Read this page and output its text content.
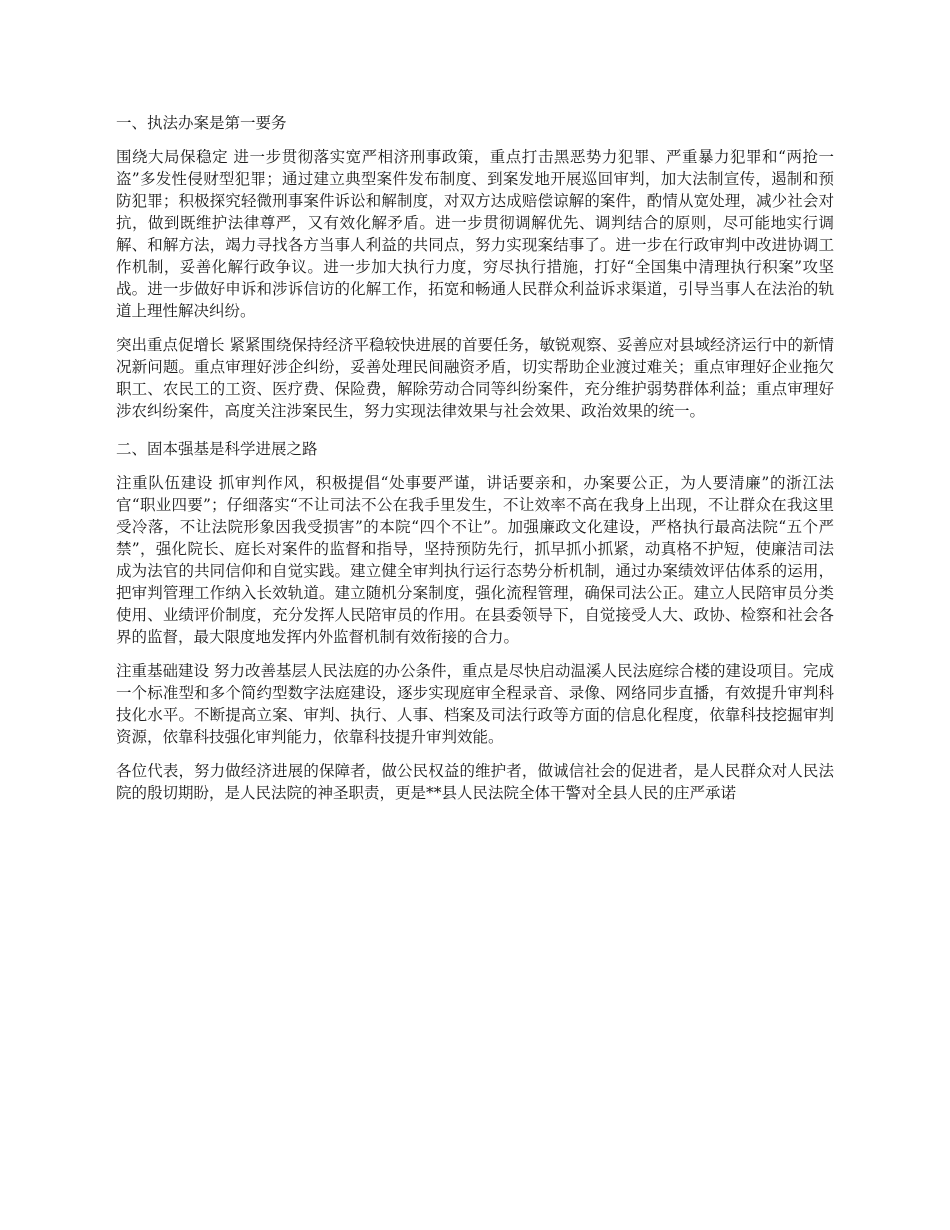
一、执法办案是第一要务

围绕大局保稳定 进一步贯彻落实宽严相济刑事政策，重点打击黑恶势力犯罪、严重暴力犯罪和“两抢一盗”多发性侵财型犯罪；通过建立典型案件发布制度、到案发地开展巡回审判，加大法制宣传，遏制和预防犯罪；积极探究轻微刑事案件诉讼和解制度，对双方达成赔偿谅解的案件，酌情从宽处理，减少社会对抗，做到既维护法律尊严，又有效化解矛盾。进一步贯彻调解优先、调判结合的原则，尽可能地实行调解、和解方法，竭力寻找各方当事人利益的共同点，努力实现案结事了。进一步在行政审判中改进协调工作机制，妥善化解行政争议。进一步加大执行力度，穷尽执行措施，打好“全国集中清理执行积案”攻坚战。进一步做好申诉和涉诉信访的化解工作，拓宽和畅通人民群众利益诉求渠道，引导当事人在法治的轨道上理性解决纠纷。

突出重点促增长 紧紧围绕保持经济平稳较快进展的首要任务，敏锐观察、妥善应对县域经济运行中的新情况新问题。重点审理好涉企纠纷，妥善处理民间融资矛盾，切实帮助企业渡过难关；重点审理好企业拖欠职工、农民工的工资、医疗费、保险费，解除劳动合同等纠纷案件，充分维护弱势群体利益；重点审理好涉农纠纷案件，高度关注涉案民生，努力实现法律效果与社会效果、政治效果的统一。

二、固本强基是科学进展之路

注重队伍建设 抓审判作风，积极提倡“处事要严谨，讲话要亲和，办案要公正，为人要清廉”的浙江法官“职业四要”；仔细落实“不让司法不公在我手里发生，不让效率不高在我身上出现，不让群众在我这里受冷落，不让法院形象因我受损害”的本院“四个不让”。加强廉政文化建设，严格执行最高法院“五个严禁”，强化院长、庭长对案件的监督和指导，坚持预防先行，抓早抓小抓紧，动真格不护短，使廉洁司法成为法官的共同信仰和自觉实践。建立健全审判执行运行态势分析机制，通过办案绩效评估体系的运用，把审判管理工作纳入长效轨道。建立随机分案制度，强化流程管理，确保司法公正。建立人民陪审员分类使用、业绩评价制度，充分发挥人民陪审员的作用。在县委领导下，自觉接受人大、政协、检察和社会各界的监督，最大限度地发挥内外监督机制有效衔接的合力。

注重基础建设 努力改善基层人民法庭的办公条件，重点是尽快启动温溪人民法庭综合楼的建设项目。完成一个标准型和多个简约型数字法庭建设，逐步实现庭审全程录音、录像、网络同步直播，有效提升审判科技化水平。不断提高立案、审判、执行、人事、档案及司法行政等方面的信息化程度，依靠科技挖掘审判资源，依靠科技强化审判能力，依靠科技提升审判效能。

各位代表，努力做经济进展的保障者，做公民权益的维护者，做诚信社会的促进者，是人民群众对人民法院的殷切期盼，是人民法院的神圣职责，更是**县人民法院全体干警对全县人民的庄严承诺
